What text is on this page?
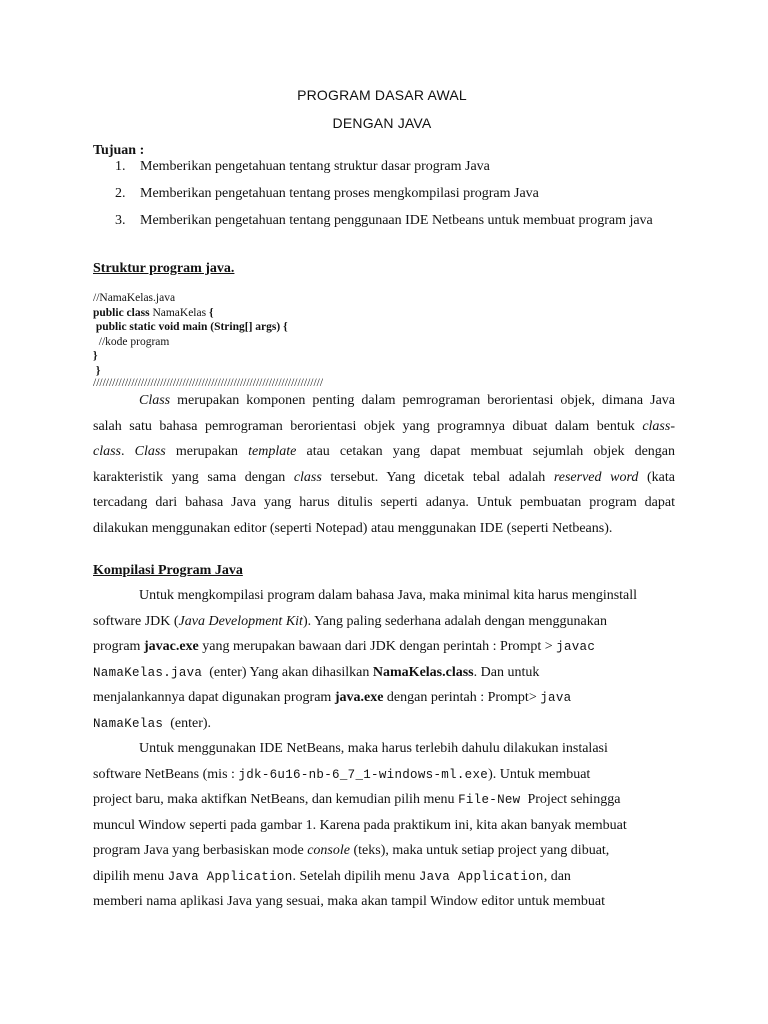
PROGRAM DASAR AWAL
DENGAN JAVA
Tujuan :
1.	Memberikan pengetahuan tentang struktur dasar program Java
2.	Memberikan pengetahuan tentang proses mengkompilasi program Java
3.	Memberikan pengetahuan tentang penggunaan IDE Netbeans untuk membuat program java
Struktur program java.
//NamaKelas.java
public class NamaKelas {
public static void main (String[] args) {
//kode program
}
}
////////////////////////////////////////////////////////////////////////
Class merupakan komponen penting dalam pemrograman berorientasi objek, dimana Java
salah satu bahasa pemrograman berorientasi objek yang programnya dibuat dalam bentuk class-
class. Class merupakan template atau cetakan yang dapat membuat sejumlah objek dengan
karakteristik yang sama dengan class tersebut. Yang dicetak tebal adalah reserved word (kata
tercadang dari bahasa Java yang harus ditulis seperti adanya. Untuk pembuatan program dapat
dilakukan menggunakan editor (seperti Notepad) atau menggunakan IDE (seperti Netbeans).
Kompilasi Program Java
Untuk mengkompilasi program dalam bahasa Java, maka minimal kita harus menginstall
software JDK (Java Development Kit). Yang paling sederhana adalah dengan menggunakan
program javac.exe yang merupakan bawaan dari JDK dengan perintah : Prompt > javac
NamaKelas.java  (enter) Yang akan dihasilkan NamaKelas.class. Dan untuk
menjalankannya dapat digunakan program java.exe dengan perintah : Prompt> java
NamaKelas  (enter).
Untuk menggunakan IDE NetBeans, maka harus terlebih dahulu dilakukan instalasi
software NetBeans (mis : jdk-6u16-nb-6_7_1-windows-ml.exe). Untuk membuat
project baru, maka aktifkan NetBeans, dan kemudian pilih menu File-New  Project sehingga
muncul Window seperti pada gambar 1. Karena pada praktikum ini, kita akan banyak membuat
program Java yang berbasiskan mode console (teks), maka untuk setiap project yang dibuat,
dipilih menu Java Application. Setelah dipilih menu Java Application, dan
memberi nama aplikasi Java yang sesuai, maka akan tampil Window editor untuk membuat
